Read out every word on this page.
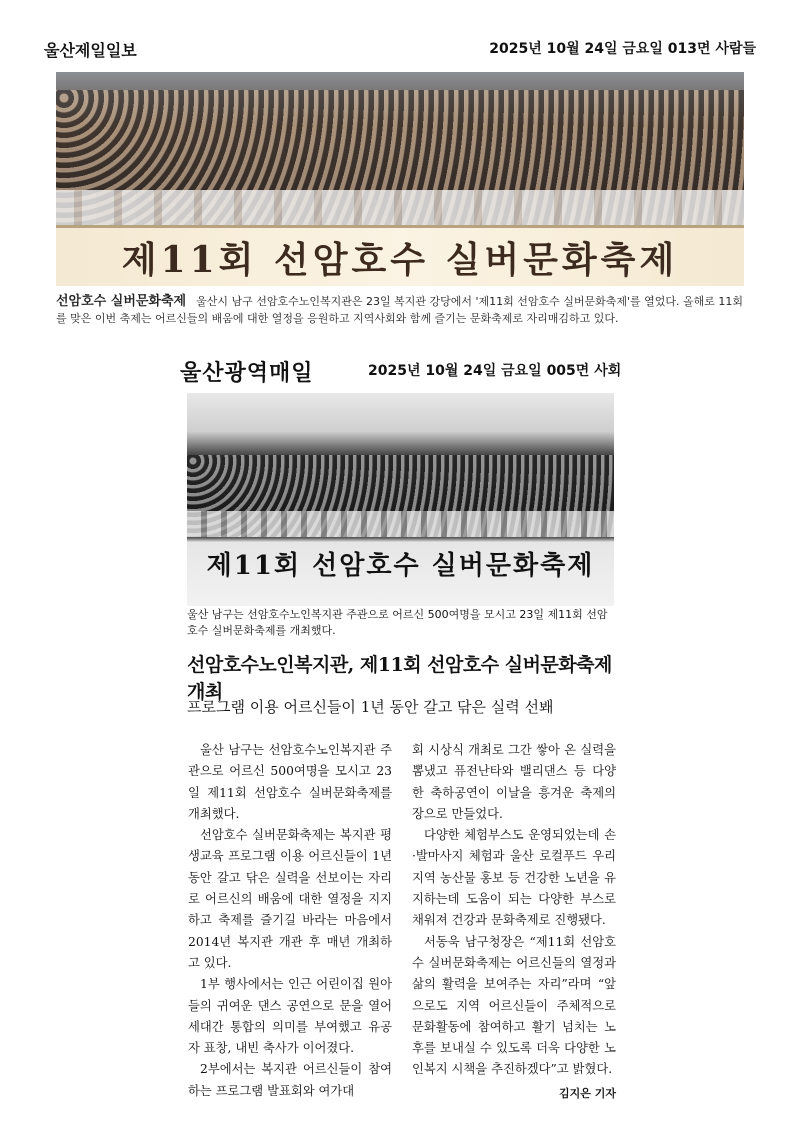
울산제일일보	2025년 10월 24일 금요일 013면 사람들
제11회 선암호수 실버문화축제
선암호수 실버문화축제 울산시 남구 선암호수노인복지관은 23일 복지관 강당에서 '제11회 선암호수 실버문화축제'를 열었다. 올해로 11회를 맞은 이번 축제는 어르신들의 배움에 대한 열정을 응원하고 지역사회와 함께 즐기는 문화축제로 자리매김하고 있다.
울산광역매일	2025년 10월 24일 금요일 005면 사회
제11회 선암호수 실버문화축제
울산 남구는 선암호수노인복지관 주관으로 어르신 500여명을 모시고 23일 제11회 선암호수 실버문화축제를 개최했다.
선암호수노인복지관, 제11회 선암호수 실버문화축제 개최
프로그램 이용 어르신들이 1년 동안 갈고 닦은 실력 선봬

울산 남구는 선암호수노인복지관 주관으로 어르신 500여명을 모시고 23일 제11회 선암호수 실버문화축제를 개최했다.

선암호수 실버문화축제는 복지관 평생교육 프로그램 이용 어르신들이 1년 동안 갈고 닦은 실력을 선보이는 자리로 어르신의 배움에 대한 열정을 지지하고 축제를 즐기길 바라는 마음에서 2014년 복지관 개관 후 매년 개최하고 있다.

1부 행사에서는 인근 어린이집 원아들의 귀여운 댄스 공연으로 문을 열어 세대간 통합의 의미를 부여했고 유공자 표창, 내빈 축사가 이어졌다.

2부에서는 복지관 어르신들이 참여하는 프로그램 발표회와 여가대

회 시상식 개최로 그간 쌓아 온 실력을 뽐냈고 퓨전난타와 밸리댄스 등 다양한 축하공연이 이날을 흥겨운 축제의 장으로 만들었다.

다양한 체험부스도 운영되었는데 손·발마사지 체험과 울산 로컬푸드 우리지역 농산물 홍보 등 건강한 노년을 유지하는데 도움이 되는 다양한 부스로 채워져 건강과 문화축제로 진행됐다.

서동욱 남구청장은 “제11회 선암호수 실버문화축제는 어르신들의 열정과 삶의 활력을 보여주는 자리”라며 “앞으로도 지역 어르신들이 주체적으로 문화활동에 참여하고 활기 넘치는 노후를 보내실 수 있도록 더욱 다양한 노인복지 시책을 추진하겠다”고 밝혔다.
김지은 기자
